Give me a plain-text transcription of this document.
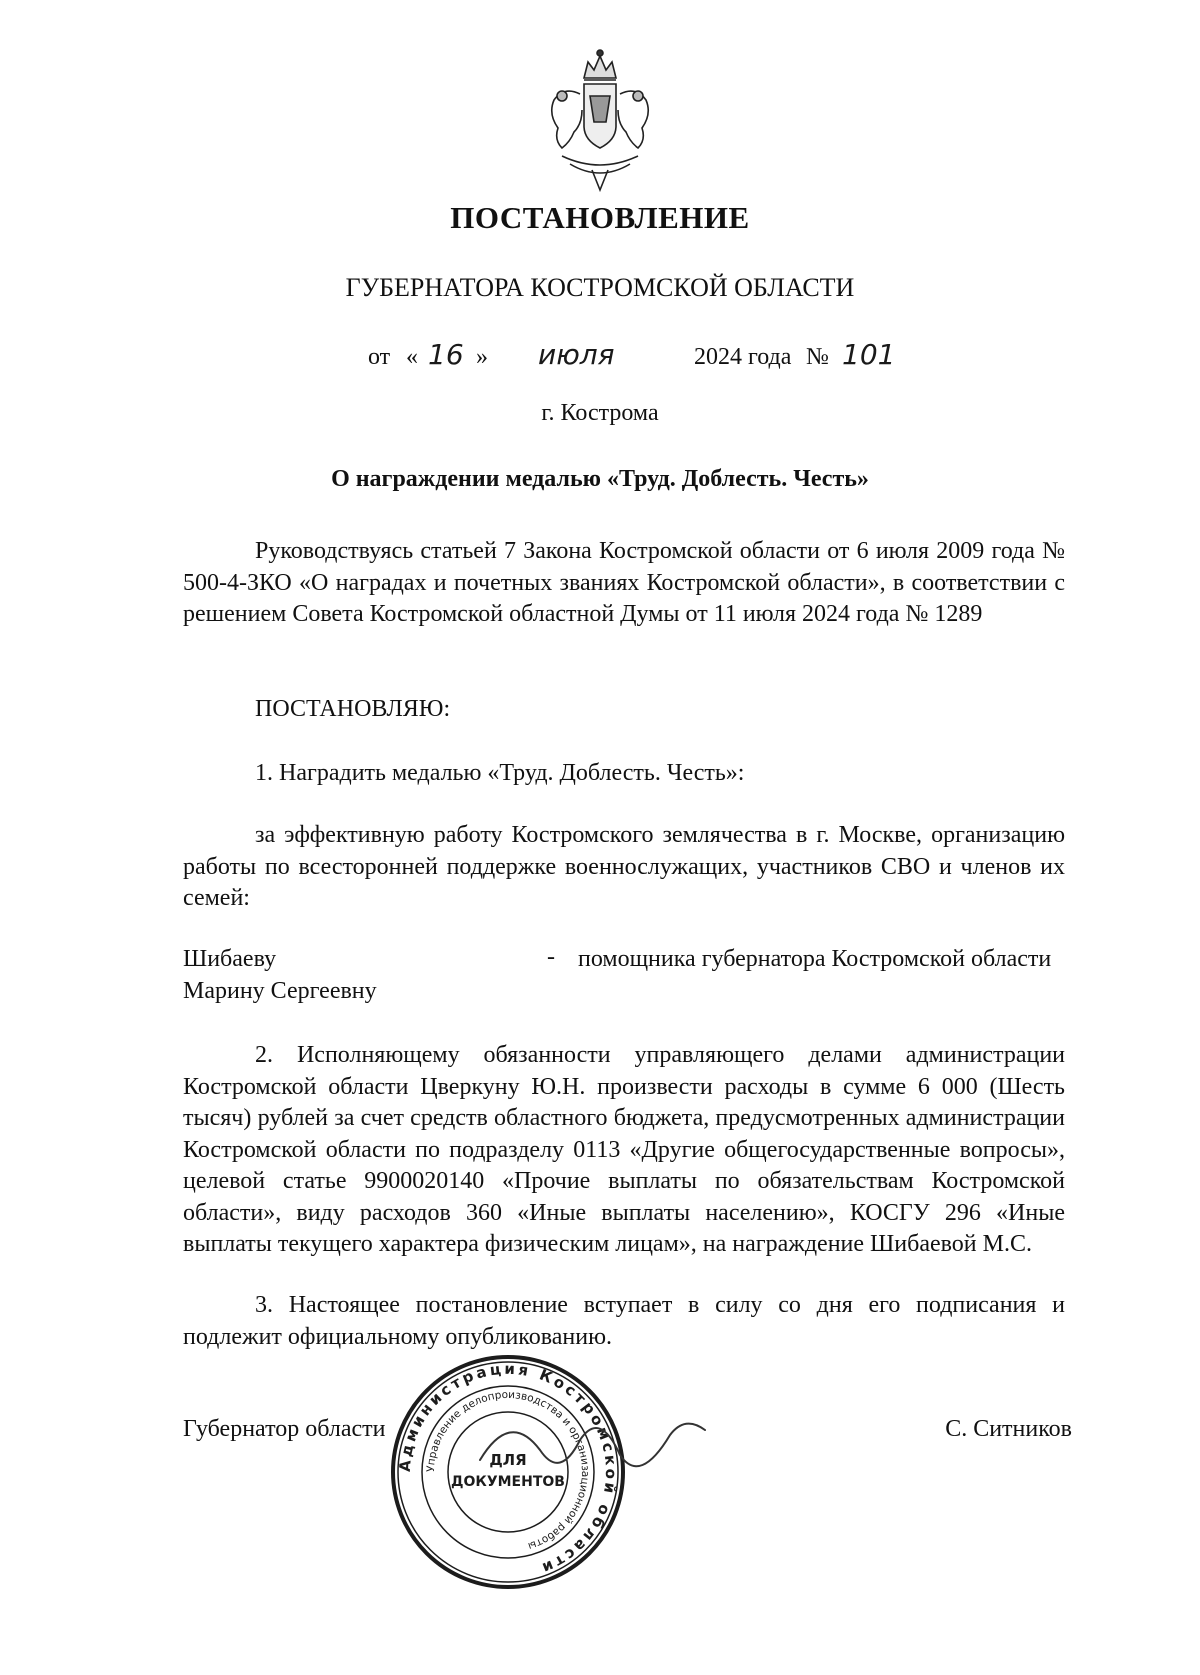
ПОСТАНОВЛЕНИЕ
ГУБЕРНАТОРА КОСТРОМСКОЙ ОБЛАСТИ
от « 16 » июля	2024 года № 101
г. Кострома
О награждении медалью «Труд. Доблесть. Честь»
Руководствуясь статьей 7 Закона Костромской области от 6 июля 2009 года № 500-4-ЗКО «О наградах и почетных званиях Костромской области», в соответствии с решением Совета Костромской областной Думы от 11 июля 2024 года № 1289
ПОСТАНОВЛЯЮ:
1. Наградить медалью «Труд. Доблесть. Честь»:
за эффективную работу Костромского землячества в г. Москве, организацию работы по всесторонней поддержке военнослужащих, участников СВО и членов их семей:
Шибаеву
Марину Сергеевну
- помощника губернатора Костромской области
2. Исполняющему обязанности управляющего делами администрации Костромской области Цверкуну Ю.Н. произвести расходы в сумме 6 000 (Шесть тысяч) рублей за счет средств областного бюджета, предусмотренных администрации Костромской области по подразделу 0113 «Другие общегосударственные вопросы», целевой статье 9900020140 «Прочие выплаты по обязательствам Костромской области», виду расходов 360 «Иные выплаты населению», КОСГУ 296 «Иные выплаты текущего характера физическим лицам», на награждение Шибаевой М.С.
3. Настоящее постановление вступает в силу со дня его подписания и подлежит официальному опубликованию.
Губернатор области	С. Ситников
Администрация Костромской области
Управление делопроизводства и организационной работы
ДЛЯ
ДОКУМЕНТОВ
